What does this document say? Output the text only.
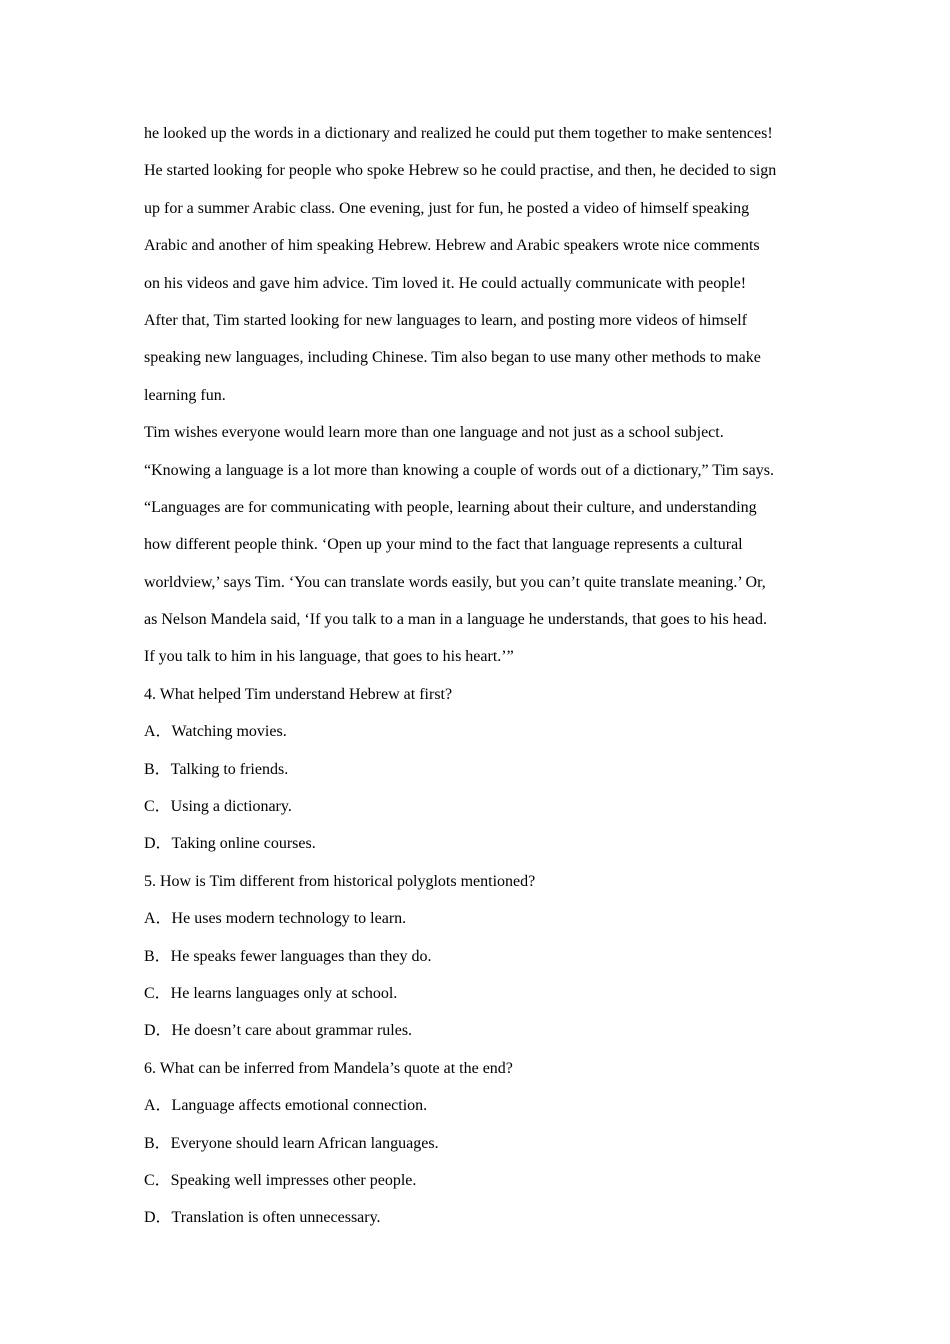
he looked up the words in a dictionary and realized he could put them together to make sentences!
He started looking for people who spoke Hebrew so he could practise, and then, he decided to sign
up for a summer Arabic class. One evening, just for fun, he posted a video of himself speaking
Arabic and another of him speaking Hebrew. Hebrew and Arabic speakers wrote nice comments
on his videos and gave him advice. Tim loved it. He could actually communicate with people!
After that, Tim started looking for new languages to learn, and posting more videos of himself
speaking new languages, including Chinese. Tim also began to use many other methods to make
learning fun.
Tim wishes everyone would learn more than one language and not just as a school subject.
“Knowing a language is a lot more than knowing a couple of words out of a dictionary,” Tim says.
“Languages are for communicating with people, learning about their culture, and understanding
how different people think. ‘Open up your mind to the fact that language represents a cultural
worldview,’ says Tim. ‘You can translate words easily, but you can’t quite translate meaning.’ Or,
as Nelson Mandela said, ‘If you talk to a man in a language he understands, that goes to his head.
If you talk to him in his language, that goes to his heart.’”
4. What helped Tim understand Hebrew at first?
A．Watching movies.
B．Talking to friends.
C．Using a dictionary.
D．Taking online courses.
5. How is Tim different from historical polyglots mentioned?
A．He uses modern technology to learn.
B．He speaks fewer languages than they do.
C．He learns languages only at school.
D．He doesn’t care about grammar rules.
6. What can be inferred from Mandela’s quote at the end?
A．Language affects emotional connection.
B．Everyone should learn African languages.
C．Speaking well impresses other people.
D．Translation is often unnecessary.
